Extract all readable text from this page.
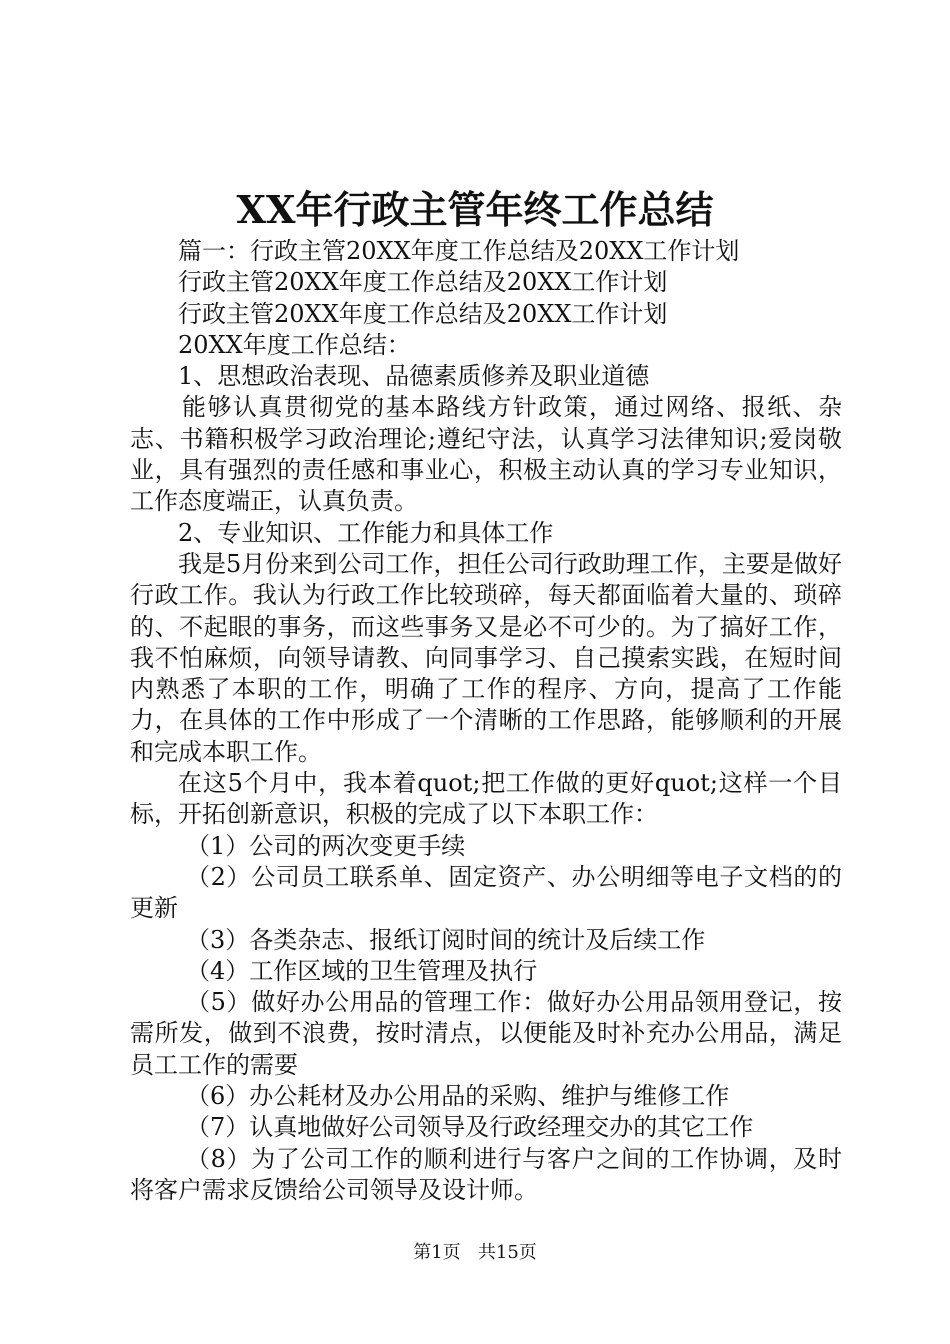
XX年行政主管年终工作总结

篇一：行政主管20XX年度工作总结及20XX工作计划

行政主管20XX年度工作总结及20XX工作计划

行政主管20XX年度工作总结及20XX工作计划

20XX年度工作总结：

1、思想政治表现、品德素质修养及职业道德

能够认真贯彻党的基本路线方针政策，通过网络、报纸、杂志、书籍积极学习政治理论;遵纪守法，认真学习法律知识;爱岗敬业，具有强烈的责任感和事业心，积极主动认真的学习专业知识，工作态度端正，认真负责。

2、专业知识、工作能力和具体工作

我是5月份来到公司工作，担任公司行政助理工作，主要是做好行政工作。我认为行政工作比较琐碎，每天都面临着大量的、琐碎的、不起眼的事务，而这些事务又是必不可少的。为了搞好工作，我不怕麻烦，向领导请教、向同事学习、自己摸索实践，在短时间内熟悉了本职的工作，明确了工作的程序、方向，提高了工作能力，在具体的工作中形成了一个清晰的工作思路，能够顺利的开展和完成本职工作。

在这5个月中，我本着quot;把工作做的更好quot;这样一个目标，开拓创新意识，积极的完成了以下本职工作：

（1）公司的两次变更手续

（2）公司员工联系单、固定资产、办公明细等电子文档的的更新

（3）各类杂志、报纸订阅时间的统计及后续工作

（4）工作区域的卫生管理及执行

（5）做好办公用品的管理工作：做好办公用品领用登记，按需所发，做到不浪费，按时清点，以便能及时补充办公用品，满足员工工作的需要

（6）办公耗材及办公用品的采购、维护与维修工作

（7）认真地做好公司领导及行政经理交办的其它工作

（8）为了公司工作的顺利进行与客户之间的工作协调，及时将客户需求反馈给公司领导及设计师。

第1页 共15页
